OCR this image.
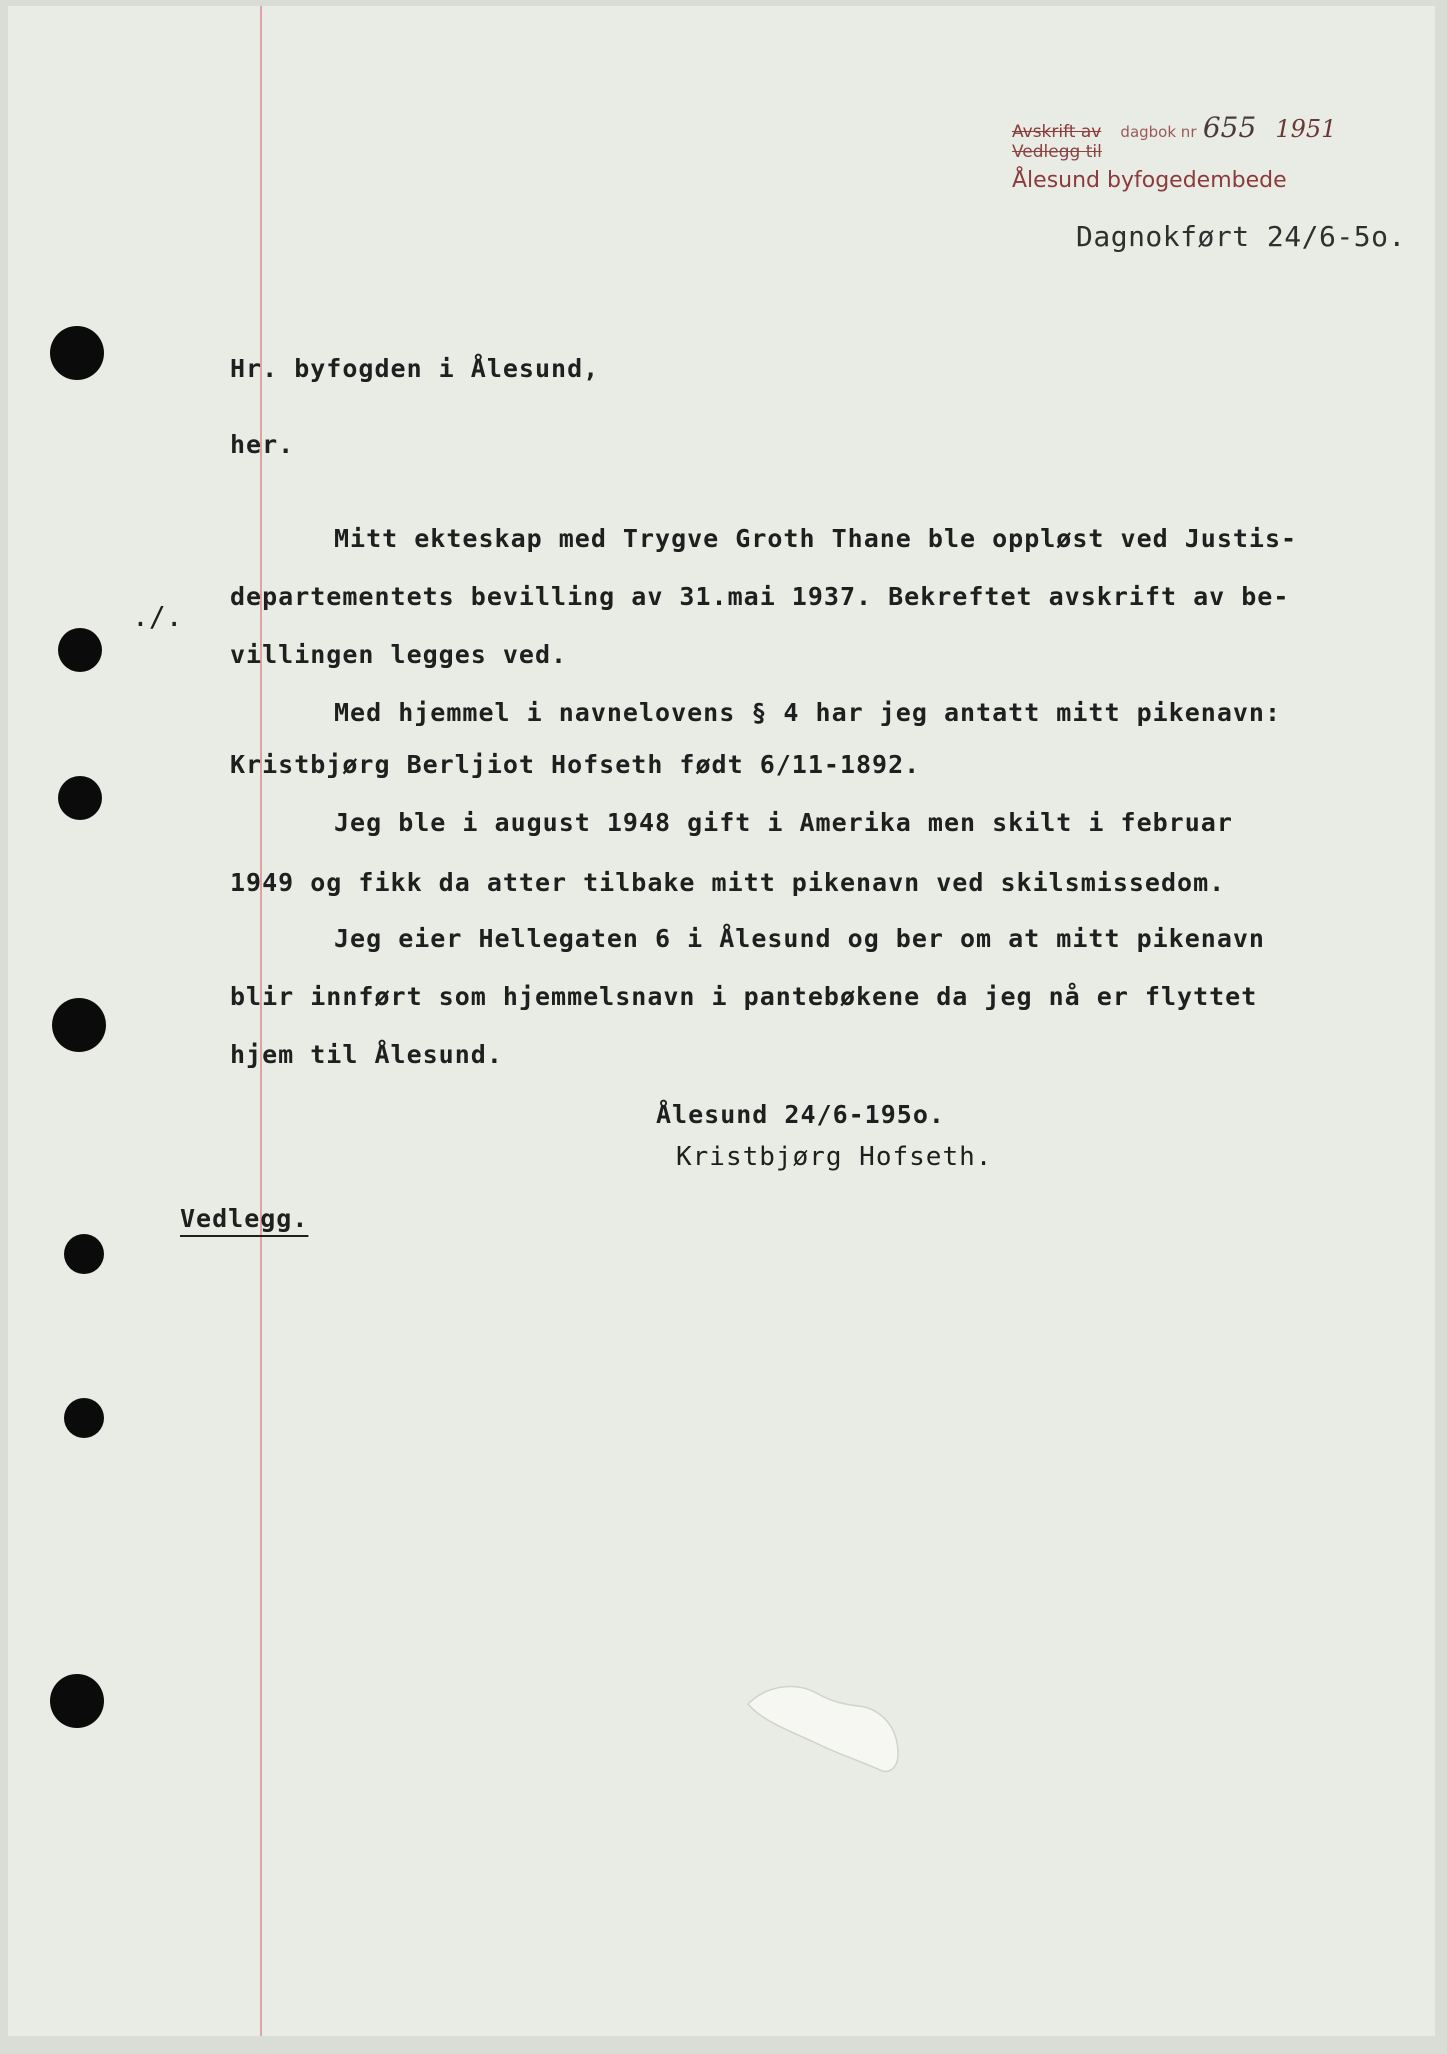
Avskrift av dagbok nr 655 1951
Vedlegg til
Ålesund byfogedembede
Dagnokført 24/6-5o.
Hr. byfogden i Ålesund,
her.
./.
Mitt ekteskap med Trygve Groth Thane ble oppløst ved Justis-
departementets bevilling av 31.mai 1937. Bekreftet avskrift av be-
villingen legges ved.
Med hjemmel i navnelovens § 4 har jeg antatt mitt pikenavn:
Kristbjørg Berljiot Hofseth født 6/11-1892.
Jeg ble i august 1948 gift i Amerika men skilt i februar
1949 og fikk da atter tilbake mitt pikenavn ved skilsmissedom.
Jeg eier Hellegaten 6 i Ålesund og ber om at mitt pikenavn
blir innført som hjemmelsnavn i pantebøkene da jeg nå er flyttet
hjem til Ålesund.
Ålesund 24/6-195o.
Kristbjørg Hofseth.
Vedlegg.
